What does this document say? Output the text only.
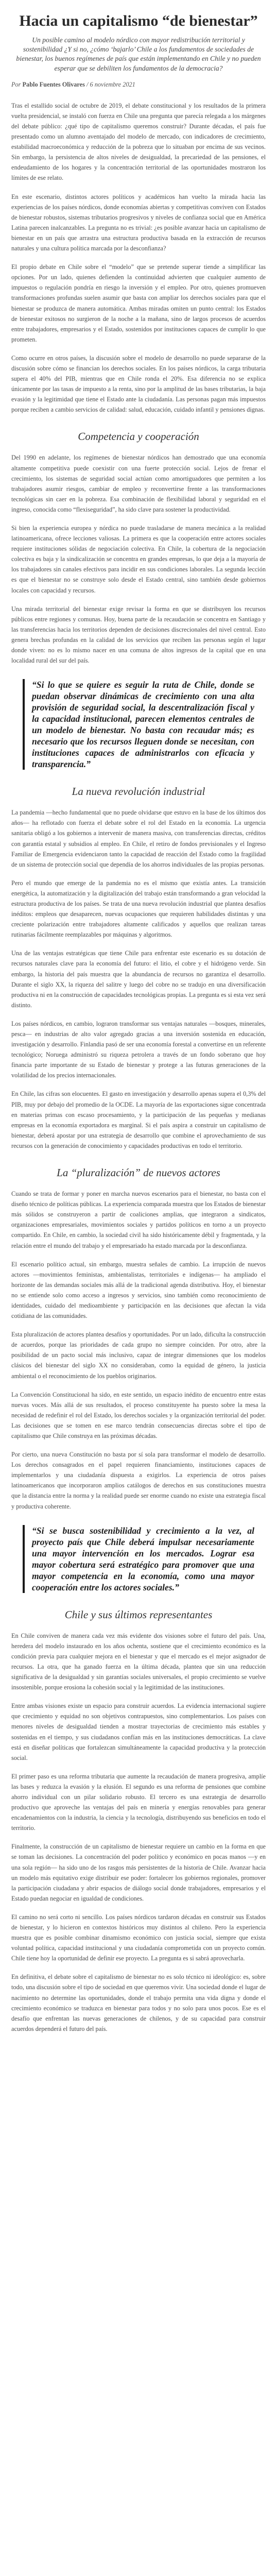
Hacia un capitalismo “de bienestar”
Un posible camino al modelo nórdico con mayor redistribución territorial y sostenibilidad ¿Y si no, ¿cómo ‘bajarlo’ Chile a los fundamentos de sociedades de bienestar, los buenos regímenes de país que están implementando en Chile y no pueden esperar que se debiliten los fundamentos de la democracia?
Por Pablo Fuentes Olivares / 6 noviembre 2021

Tras el estallido social de octubre de 2019, el debate constitucional y los resultados de la primera vuelta presidencial, se instaló con fuerza en Chile una pregunta que parecía relegada a los márgenes del debate público: ¿qué tipo de capitalismo queremos construir? Durante décadas, el país fue presentado como un alumno aventajado del modelo de mercado, con indicadores de crecimiento, estabilidad macroeconómica y reducción de la pobreza que lo situaban por encima de sus vecinos. Sin embargo, la persistencia de altos niveles de desigualdad, la precariedad de las pensiones, el endeudamiento de los hogares y la concentración territorial de las oportunidades mostraron los límites de ese relato.

En este escenario, distintos actores políticos y académicos han vuelto la mirada hacia las experiencias de los países nórdicos, donde economías abiertas y competitivas conviven con Estados de bienestar robustos, sistemas tributarios progresivos y niveles de confianza social que en América Latina parecen inalcanzables. La pregunta no es trivial: ¿es posible avanzar hacia un capitalismo de bienestar en un país que arrastra una estructura productiva basada en la extracción de recursos naturales y una cultura política marcada por la desconfianza?

El propio debate en Chile sobre el “modelo” que se pretende superar tiende a simplificar las opciones. Por un lado, quienes defienden la continuidad advierten que cualquier aumento de impuestos o regulación pondría en riesgo la inversión y el empleo. Por otro, quienes promueven transformaciones profundas suelen asumir que basta con ampliar los derechos sociales para que el bienestar se produzca de manera automática. Ambas miradas omiten un punto central: los Estados de bienestar exitosos no surgieron de la noche a la mañana, sino de largos procesos de acuerdos entre trabajadores, empresarios y el Estado, sostenidos por instituciones capaces de cumplir lo que prometen.

Como ocurre en otros países, la discusión sobre el modelo de desarrollo no puede separarse de la discusión sobre cómo se financian los derechos sociales. En los países nórdicos, la carga tributaria supera el 40% del PIB, mientras que en Chile ronda el 20%. Esa diferencia no se explica únicamente por las tasas de impuesto a la renta, sino por la amplitud de las bases tributarias, la baja evasión y la legitimidad que tiene el Estado ante la ciudadanía. Las personas pagan más impuestos porque reciben a cambio servicios de calidad: salud, educación, cuidado infantil y pensiones dignas.

Competencia y cooperación

Del 1990 en adelante, los regímenes de bienestar nórdicos han demostrado que una economía altamente competitiva puede coexistir con una fuerte protección social. Lejos de frenar el crecimiento, los sistemas de seguridad social actúan como amortiguadores que permiten a los trabajadores asumir riesgos, cambiar de empleo y reconvertirse frente a las transformaciones tecnológicas sin caer en la pobreza. Esa combinación de flexibilidad laboral y seguridad en el ingreso, conocida como “flexiseguridad”, ha sido clave para sostener la productividad.

Si bien la experiencia europea y nórdica no puede trasladarse de manera mecánica a la realidad latinoamericana, ofrece lecciones valiosas. La primera es que la cooperación entre actores sociales requiere instituciones sólidas de negociación colectiva. En Chile, la cobertura de la negociación colectiva es baja y la sindicalización se concentra en grandes empresas, lo que deja a la mayoría de los trabajadores sin canales efectivos para incidir en sus condiciones laborales. La segunda lección es que el bienestar no se construye solo desde el Estado central, sino también desde gobiernos locales con capacidad y recursos.

Una mirada territorial del bienestar exige revisar la forma en que se distribuyen los recursos públicos entre regiones y comunas. Hoy, buena parte de la recaudación se concentra en Santiago y las transferencias hacia los territorios dependen de decisiones discrecionales del nivel central. Esto genera brechas profundas en la calidad de los servicios que reciben las personas según el lugar donde viven: no es lo mismo nacer en una comuna de altos ingresos de la capital que en una localidad rural del sur del país.

“Si lo que se quiere es seguir la ruta de Chile, donde se puedan observar dinámicas de crecimiento con una alta provisión de seguridad social, la descentralización fiscal y la capacidad institucional, parecen elementos centrales de un modelo de bienestar. No basta con recaudar más; es necesario que los recursos lleguen donde se necesitan, con instituciones capaces de administrarlos con eficacia y transparencia.”
La nueva revolución industrial

La pandemia —hecho fundamental que no puede olvidarse que estuvo en la base de los últimos dos años— ha reflotado con fuerza el debate sobre el rol del Estado en la economía. La urgencia sanitaria obligó a los gobiernos a intervenir de manera masiva, con transferencias directas, créditos con garantía estatal y subsidios al empleo. En Chile, el retiro de fondos previsionales y el Ingreso Familiar de Emergencia evidenciaron tanto la capacidad de reacción del Estado como la fragilidad de un sistema de protección social que dependía de los ahorros individuales de las propias personas.

Pero el mundo que emerge de la pandemia no es el mismo que existía antes. La transición energética, la automatización y la digitalización del trabajo están transformando a gran velocidad la estructura productiva de los países. Se trata de una nueva revolución industrial que plantea desafíos inéditos: empleos que desaparecen, nuevas ocupaciones que requieren habilidades distintas y una creciente polarización entre trabajadores altamente calificados y aquellos que realizan tareas rutinarias fácilmente reemplazables por máquinas y algoritmos.

Una de las ventajas estratégicas que tiene Chile para enfrentar este escenario es su dotación de recursos naturales clave para la economía del futuro: el litio, el cobre y el hidrógeno verde. Sin embargo, la historia del país muestra que la abundancia de recursos no garantiza el desarrollo. Durante el siglo XX, la riqueza del salitre y luego del cobre no se tradujo en una diversificación productiva ni en la construcción de capacidades tecnológicas propias. La pregunta es si esta vez será distinto.

Los países nórdicos, en cambio, lograron transformar sus ventajas naturales —bosques, minerales, pesca— en industrias de alto valor agregado gracias a una inversión sostenida en educación, investigación y desarrollo. Finlandia pasó de ser una economía forestal a convertirse en un referente tecnológico; Noruega administró su riqueza petrolera a través de un fondo soberano que hoy financia parte importante de su Estado de bienestar y protege a las futuras generaciones de la volatilidad de los precios internacionales.

En Chile, las cifras son elocuentes. El gasto en investigación y desarrollo apenas supera el 0,3% del PIB, muy por debajo del promedio de la OCDE. La mayoría de las exportaciones sigue concentrada en materias primas con escaso procesamiento, y la participación de las pequeñas y medianas empresas en la economía exportadora es marginal. Si el país aspira a construir un capitalismo de bienestar, deberá apostar por una estrategia de desarrollo que combine el aprovechamiento de sus recursos con la generación de conocimiento y capacidades productivas en todo el territorio.

La “pluralización” de nuevos actores

Cuando se trata de formar y poner en marcha nuevos escenarios para el bienestar, no basta con el diseño técnico de políticas públicas. La experiencia comparada muestra que los Estados de bienestar más sólidos se construyeron a partir de coaliciones amplias, que integraron a sindicatos, organizaciones empresariales, movimientos sociales y partidos políticos en torno a un proyecto compartido. En Chile, en cambio, la sociedad civil ha sido históricamente débil y fragmentada, y la relación entre el mundo del trabajo y el empresariado ha estado marcada por la desconfianza.

El escenario político actual, sin embargo, muestra señales de cambio. La irrupción de nuevos actores —movimientos feministas, ambientalistas, territoriales e indígenas— ha ampliado el horizonte de las demandas sociales más allá de la tradicional agenda distributiva. Hoy, el bienestar no se entiende solo como acceso a ingresos y servicios, sino también como reconocimiento de identidades, cuidado del medioambiente y participación en las decisiones que afectan la vida cotidiana de las comunidades.

Esta pluralización de actores plantea desafíos y oportunidades. Por un lado, dificulta la construcción de acuerdos, porque las prioridades de cada grupo no siempre coinciden. Por otro, abre la posibilidad de un pacto social más inclusivo, capaz de integrar dimensiones que los modelos clásicos del bienestar del siglo XX no consideraban, como la equidad de género, la justicia ambiental o el reconocimiento de los pueblos originarios.

La Convención Constitucional ha sido, en este sentido, un espacio inédito de encuentro entre estas nuevas voces. Más allá de sus resultados, el proceso constituyente ha puesto sobre la mesa la necesidad de redefinir el rol del Estado, los derechos sociales y la organización territorial del poder. Las decisiones que se tomen en ese marco tendrán consecuencias directas sobre el tipo de capitalismo que Chile construya en las próximas décadas.

Por cierto, una nueva Constitución no basta por sí sola para transformar el modelo de desarrollo. Los derechos consagrados en el papel requieren financiamiento, instituciones capaces de implementarlos y una ciudadanía dispuesta a exigirlos. La experiencia de otros países latinoamericanos que incorporaron amplios catálogos de derechos en sus constituciones muestra que la distancia entre la norma y la realidad puede ser enorme cuando no existe una estrategia fiscal y productiva coherente.

“Si se busca sostenibilidad y crecimiento a la vez, al proyecto país que Chile deberá impulsar necesariamente una mayor intervención en los mercados. Lograr esa mayor cobertura será estratégico para promover que una mayor competencia en la economía, como una mayor cooperación entre los actores sociales.”
Chile y sus últimos representantes

En Chile conviven de manera cada vez más evidente dos visiones sobre el futuro del país. Una, heredera del modelo instaurado en los años ochenta, sostiene que el crecimiento económico es la condición previa para cualquier mejora en el bienestar y que el mercado es el mejor asignador de recursos. La otra, que ha ganado fuerza en la última década, plantea que sin una reducción significativa de la desigualdad y sin garantías sociales universales, el propio crecimiento se vuelve insostenible, porque erosiona la cohesión social y la legitimidad de las instituciones.

Entre ambas visiones existe un espacio para construir acuerdos. La evidencia internacional sugiere que crecimiento y equidad no son objetivos contrapuestos, sino complementarios. Los países con menores niveles de desigualdad tienden a mostrar trayectorias de crecimiento más estables y sostenidas en el tiempo, y sus ciudadanos confían más en las instituciones democráticas. La clave está en diseñar políticas que fortalezcan simultáneamente la capacidad productiva y la protección social.

El primer paso es una reforma tributaria que aumente la recaudación de manera progresiva, amplíe las bases y reduzca la evasión y la elusión. El segundo es una reforma de pensiones que combine ahorro individual con un pilar solidario robusto. El tercero es una estrategia de desarrollo productivo que aproveche las ventajas del país en minería y energías renovables para generar encadenamientos con la industria, la ciencia y la tecnología, distribuyendo sus beneficios en todo el territorio.

Finalmente, la construcción de un capitalismo de bienestar requiere un cambio en la forma en que se toman las decisiones. La concentración del poder político y económico en pocas manos —y en una sola región— ha sido uno de los rasgos más persistentes de la historia de Chile. Avanzar hacia un modelo más equitativo exige distribuir ese poder: fortalecer los gobiernos regionales, promover la participación ciudadana y abrir espacios de diálogo social donde trabajadores, empresarios y el Estado puedan negociar en igualdad de condiciones.

El camino no será corto ni sencillo. Los países nórdicos tardaron décadas en construir sus Estados de bienestar, y lo hicieron en contextos históricos muy distintos al chileno. Pero la experiencia muestra que es posible combinar dinamismo económico con justicia social, siempre que exista voluntad política, capacidad institucional y una ciudadanía comprometida con un proyecto común. Chile tiene hoy la oportunidad de definir ese proyecto. La pregunta es si sabrá aprovecharla.

En definitiva, el debate sobre el capitalismo de bienestar no es solo técnico ni ideológico: es, sobre todo, una discusión sobre el tipo de sociedad en que queremos vivir. Una sociedad donde el lugar de nacimiento no determine las oportunidades, donde el trabajo permita una vida digna y donde el crecimiento económico se traduzca en bienestar para todos y no solo para unos pocos. Ese es el desafío que enfrentan las nuevas generaciones de chilenos, y de su capacidad para construir acuerdos dependerá el futuro del país.
